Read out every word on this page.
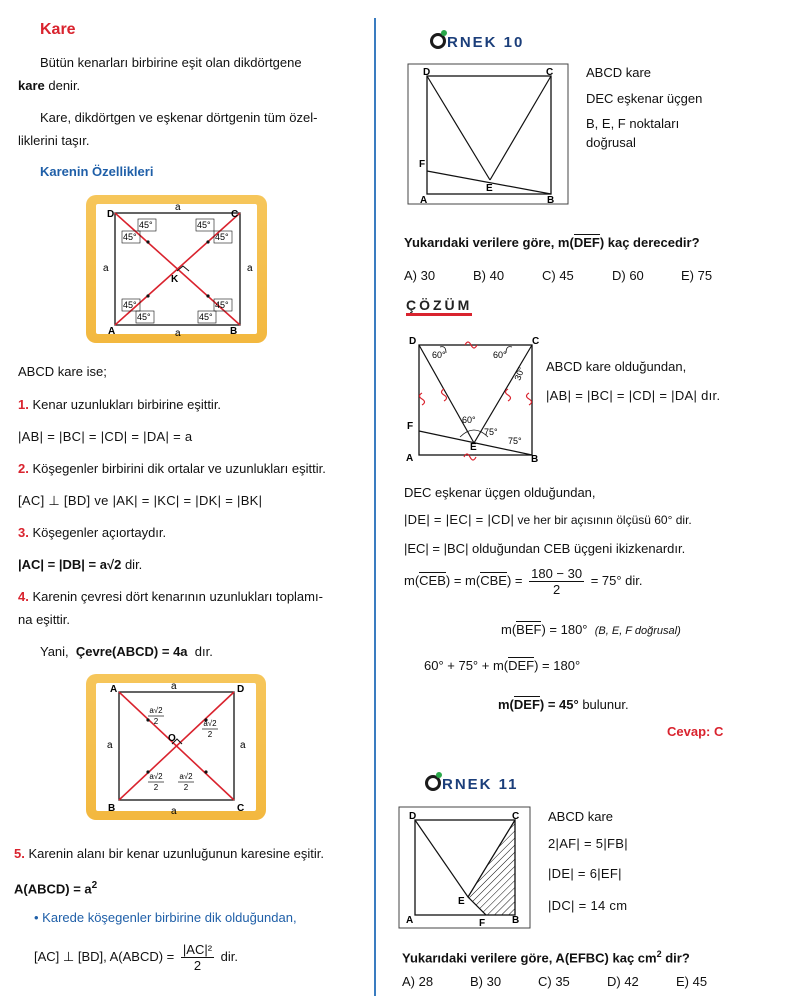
Kare
Bütün kenarları birbirine eşit olan dikdörtgene
kare denir.
Kare, dikdörtgen ve eşkenar dörtgenin tüm özel-
liklerini taşır.
Karenin Özellikleri
D	C
A	B
K
a
a
a	a
45°	45°
45°	45°
45°	45°
45°	45°
ABCD kare ise;
1. Kenar uzunlukları birbirine eşittir.
|AB| = |BC| = |CD| = |DA| = a
2. Köşegenler birbirini dik ortalar ve uzunlukları eşittir.
[AC] ⊥ [BD] ve |AK| = |KC| = |DK| = |BK|
3. Köşegenler açıortaydır.
|AC| = |DB| = a√2 dir.
4. Karenin çevresi dört kenarının uzunlukları toplamı-
na eşittir.
Yani, Çevre(ABCD) = 4a dır.
A	D
B	C
O
a
a
a	a
a√2
2	a√2
2
a√2
2
a√2
2
5. Karenin alanı bir kenar uzunluğunun karesine eşitir.
A(ABCD) = $a^2$
• Karede köşegenler birbirine dik olduğundan,
[AC] ⊥ [BD], A(ABCD) = $\frac{\text{|AC|²}}{2}$ dir.
RNEK 10
D	C
A	B
E
F
ABCD kare
DEC eşkenar üçgen
B, E, F noktaları
doğrusal
Yukarıdaki verilere göre, m(DEF) kaç derecedir?
A) 30	B) 40	C) 45	D) 60	E) 75
ÇÖZÜM
D	C
A	B
E
F
60°	60°
60°
75°
75°
30° ABCD kare olduğundan,
|AB| = |BC| = |CD| = |DA| dır.
DEC eşkenar üçgen olduğundan,
|DE| = |EC| = |CD| ve her bir açısının ölçüsü 60° dir.
|EC| = |BC| olduğundan CEB üçgeni ikizkenardır.
$m(CEB) = m(CBE) = \frac{180 - 30}{2} = 75^\circ$ dir.
m(BEF) = 180° (B, E, F doğrusal)
60° + 75° + m(DEF) = 180°
m(DEF) = 45° bulunur.
Cevap: C
RNEK 11
D	C
A	B
E
F
ABCD kare
2|AF| = 5|FB|
|DE| = 6|EF|
|DC| = 14 cm
Yukarıdaki verilere göre, A(EFBC) kaç $cm^2$ dir?
A) 28	B) 30	C) 35	D) 42	E) 45
